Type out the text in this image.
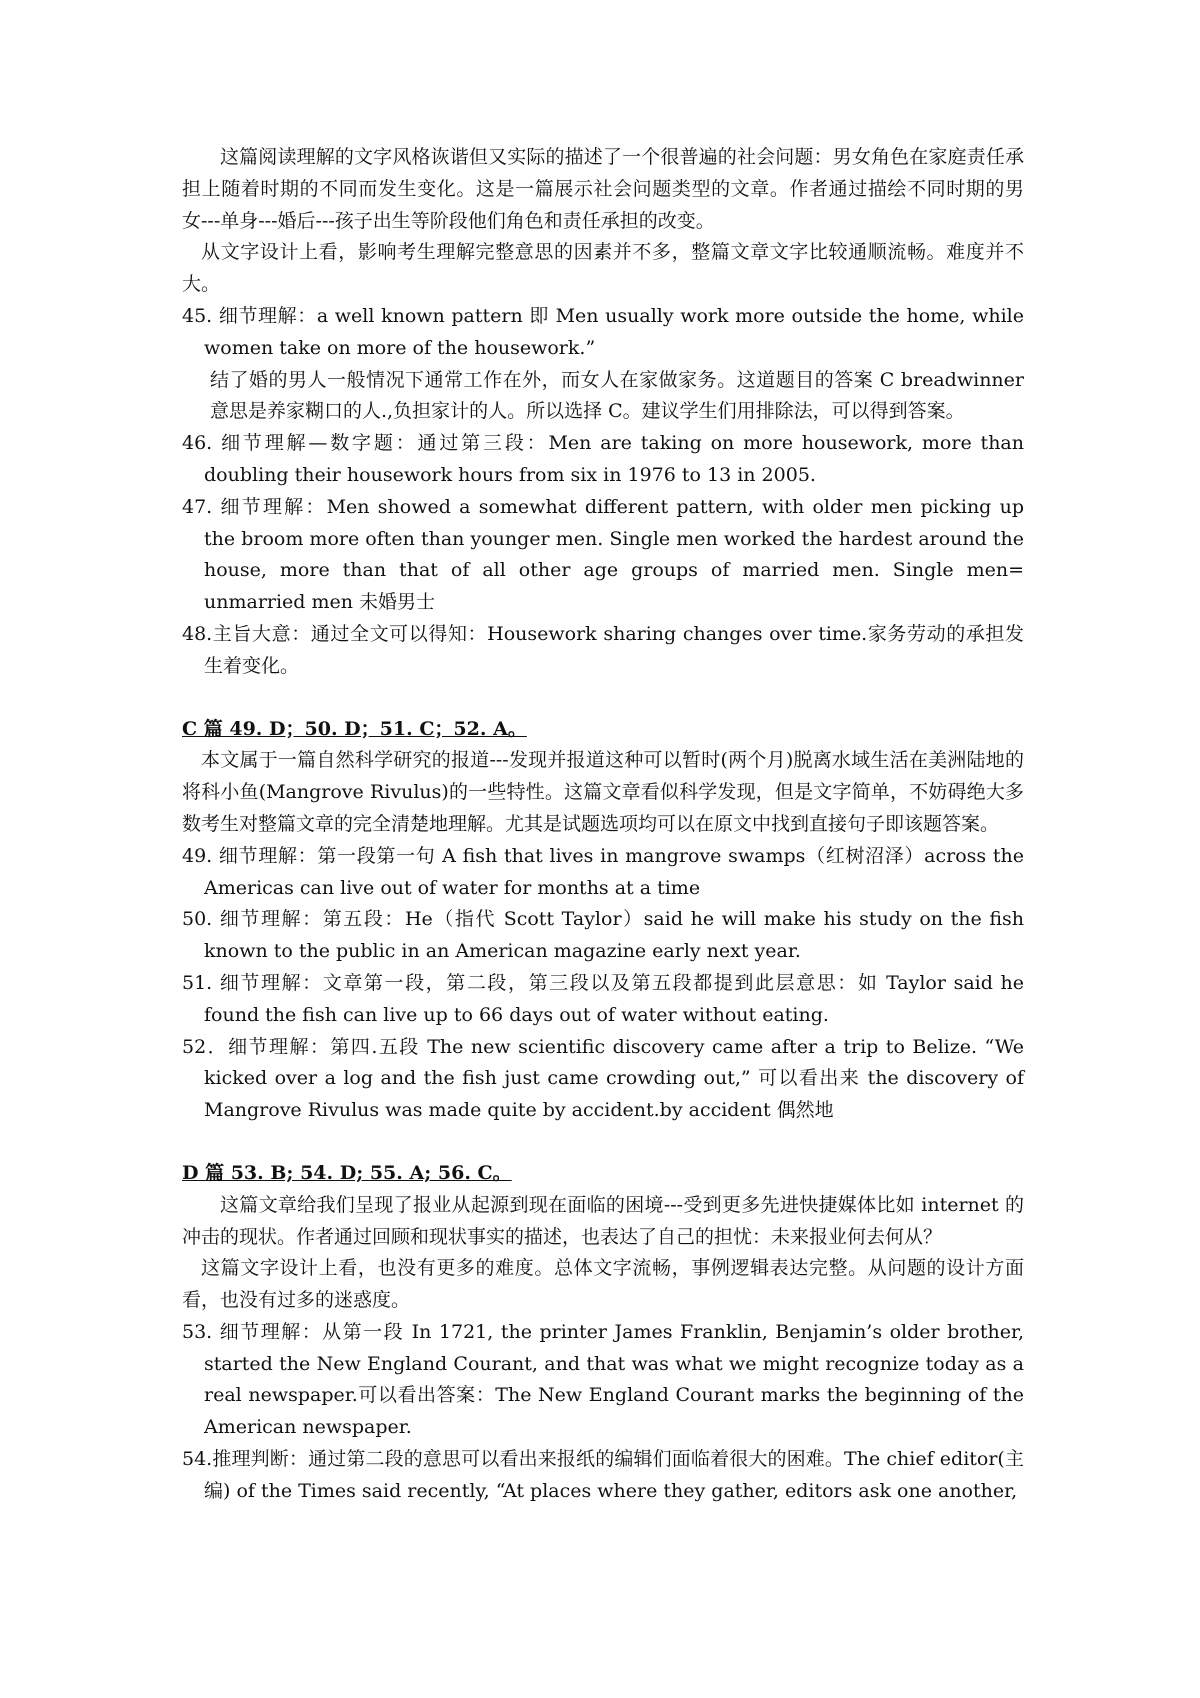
这篇阅读理解的文字风格诙谐但又实际的描述了一个很普遍的社会问题：男女角色在家庭责任承担上随着时期的不同而发生变化。这是一篇展示社会问题类型的文章。作者通过描绘不同时期的男女---单身---婚后---孩子出生等阶段他们角色和责任承担的改变。

从文字设计上看，影响考生理解完整意思的因素并不多，整篇文章文字比较通顺流畅。难度并不大。

45. 细节理解：a well known pattern 即 Men usually work more outside the home, while women take on more of the housework.”

结了婚的男人一般情况下通常工作在外，而女人在家做家务。这道题目的答案 C breadwinner 意思是养家糊口的人.,负担家计的人。所以选择 C。建议学生们用排除法，可以得到答案。

46. 细节理解—数字题：通过第三段：Men are taking on more housework, more than doubling their housework hours from six in 1976 to 13 in 2005.

47. 细节理解：Men showed a somewhat different pattern, with older men picking up the broom more often than younger men. Single men worked the hardest around the house, more than that of all other age groups of married men. Single men= unmarried men 未婚男士

48.主旨大意：通过全文可以得知：Housework sharing changes over time.家务劳动的承担发生着变化。

C 篇 49. D；50. D；51. C；52. A。

本文属于一篇自然科学研究的报道---发现并报道这种可以暂时(两个月)脱离水域生活在美洲陆地的将科小鱼(Mangrove Rivulus)的一些特性。这篇文章看似科学发现，但是文字简单，不妨碍绝大多数考生对整篇文章的完全清楚地理解。尤其是试题选项均可以在原文中找到直接句子即该题答案。

49. 细节理解：第一段第一句 A fish that lives in mangrove swamps（红树沼泽）across the Americas can live out of water for months at a time

50. 细节理解：第五段：He（指代 Scott Taylor）said he will make his study on the fish known to the public in an American magazine early next year.

51. 细节理解：文章第一段，第二段，第三段以及第五段都提到此层意思：如 Taylor said he found the fish can live up to 66 days out of water without eating.

52．细节理解：第四.五段 The new scientific discovery came after a trip to Belize. “We kicked over a log and the fish just came crowding out,” 可以看出来 the discovery of Mangrove Rivulus was made quite by accident.by accident 偶然地

D 篇 53. B; 54. D; 55. A; 56. C。

这篇文章给我们呈现了报业从起源到现在面临的困境---受到更多先进快捷媒体比如 internet 的冲击的现状。作者通过回顾和现状事实的描述，也表达了自己的担忧：未来报业何去何从？

这篇文字设计上看，也没有更多的难度。总体文字流畅，事例逻辑表达完整。从问题的设计方面看，也没有过多的迷惑度。

53. 细节理解：从第一段 In 1721, the printer James Franklin, Benjamin’s older brother, started the New England Courant, and that was what we might recognize today as a real newspaper.可以看出答案：The New England Courant marks the beginning of the American newspaper.

54.推理判断：通过第二段的意思可以看出来报纸的编辑们面临着很大的困难。The chief editor(主编) of the Times said recently, “At places where they gather, editors ask one another,
